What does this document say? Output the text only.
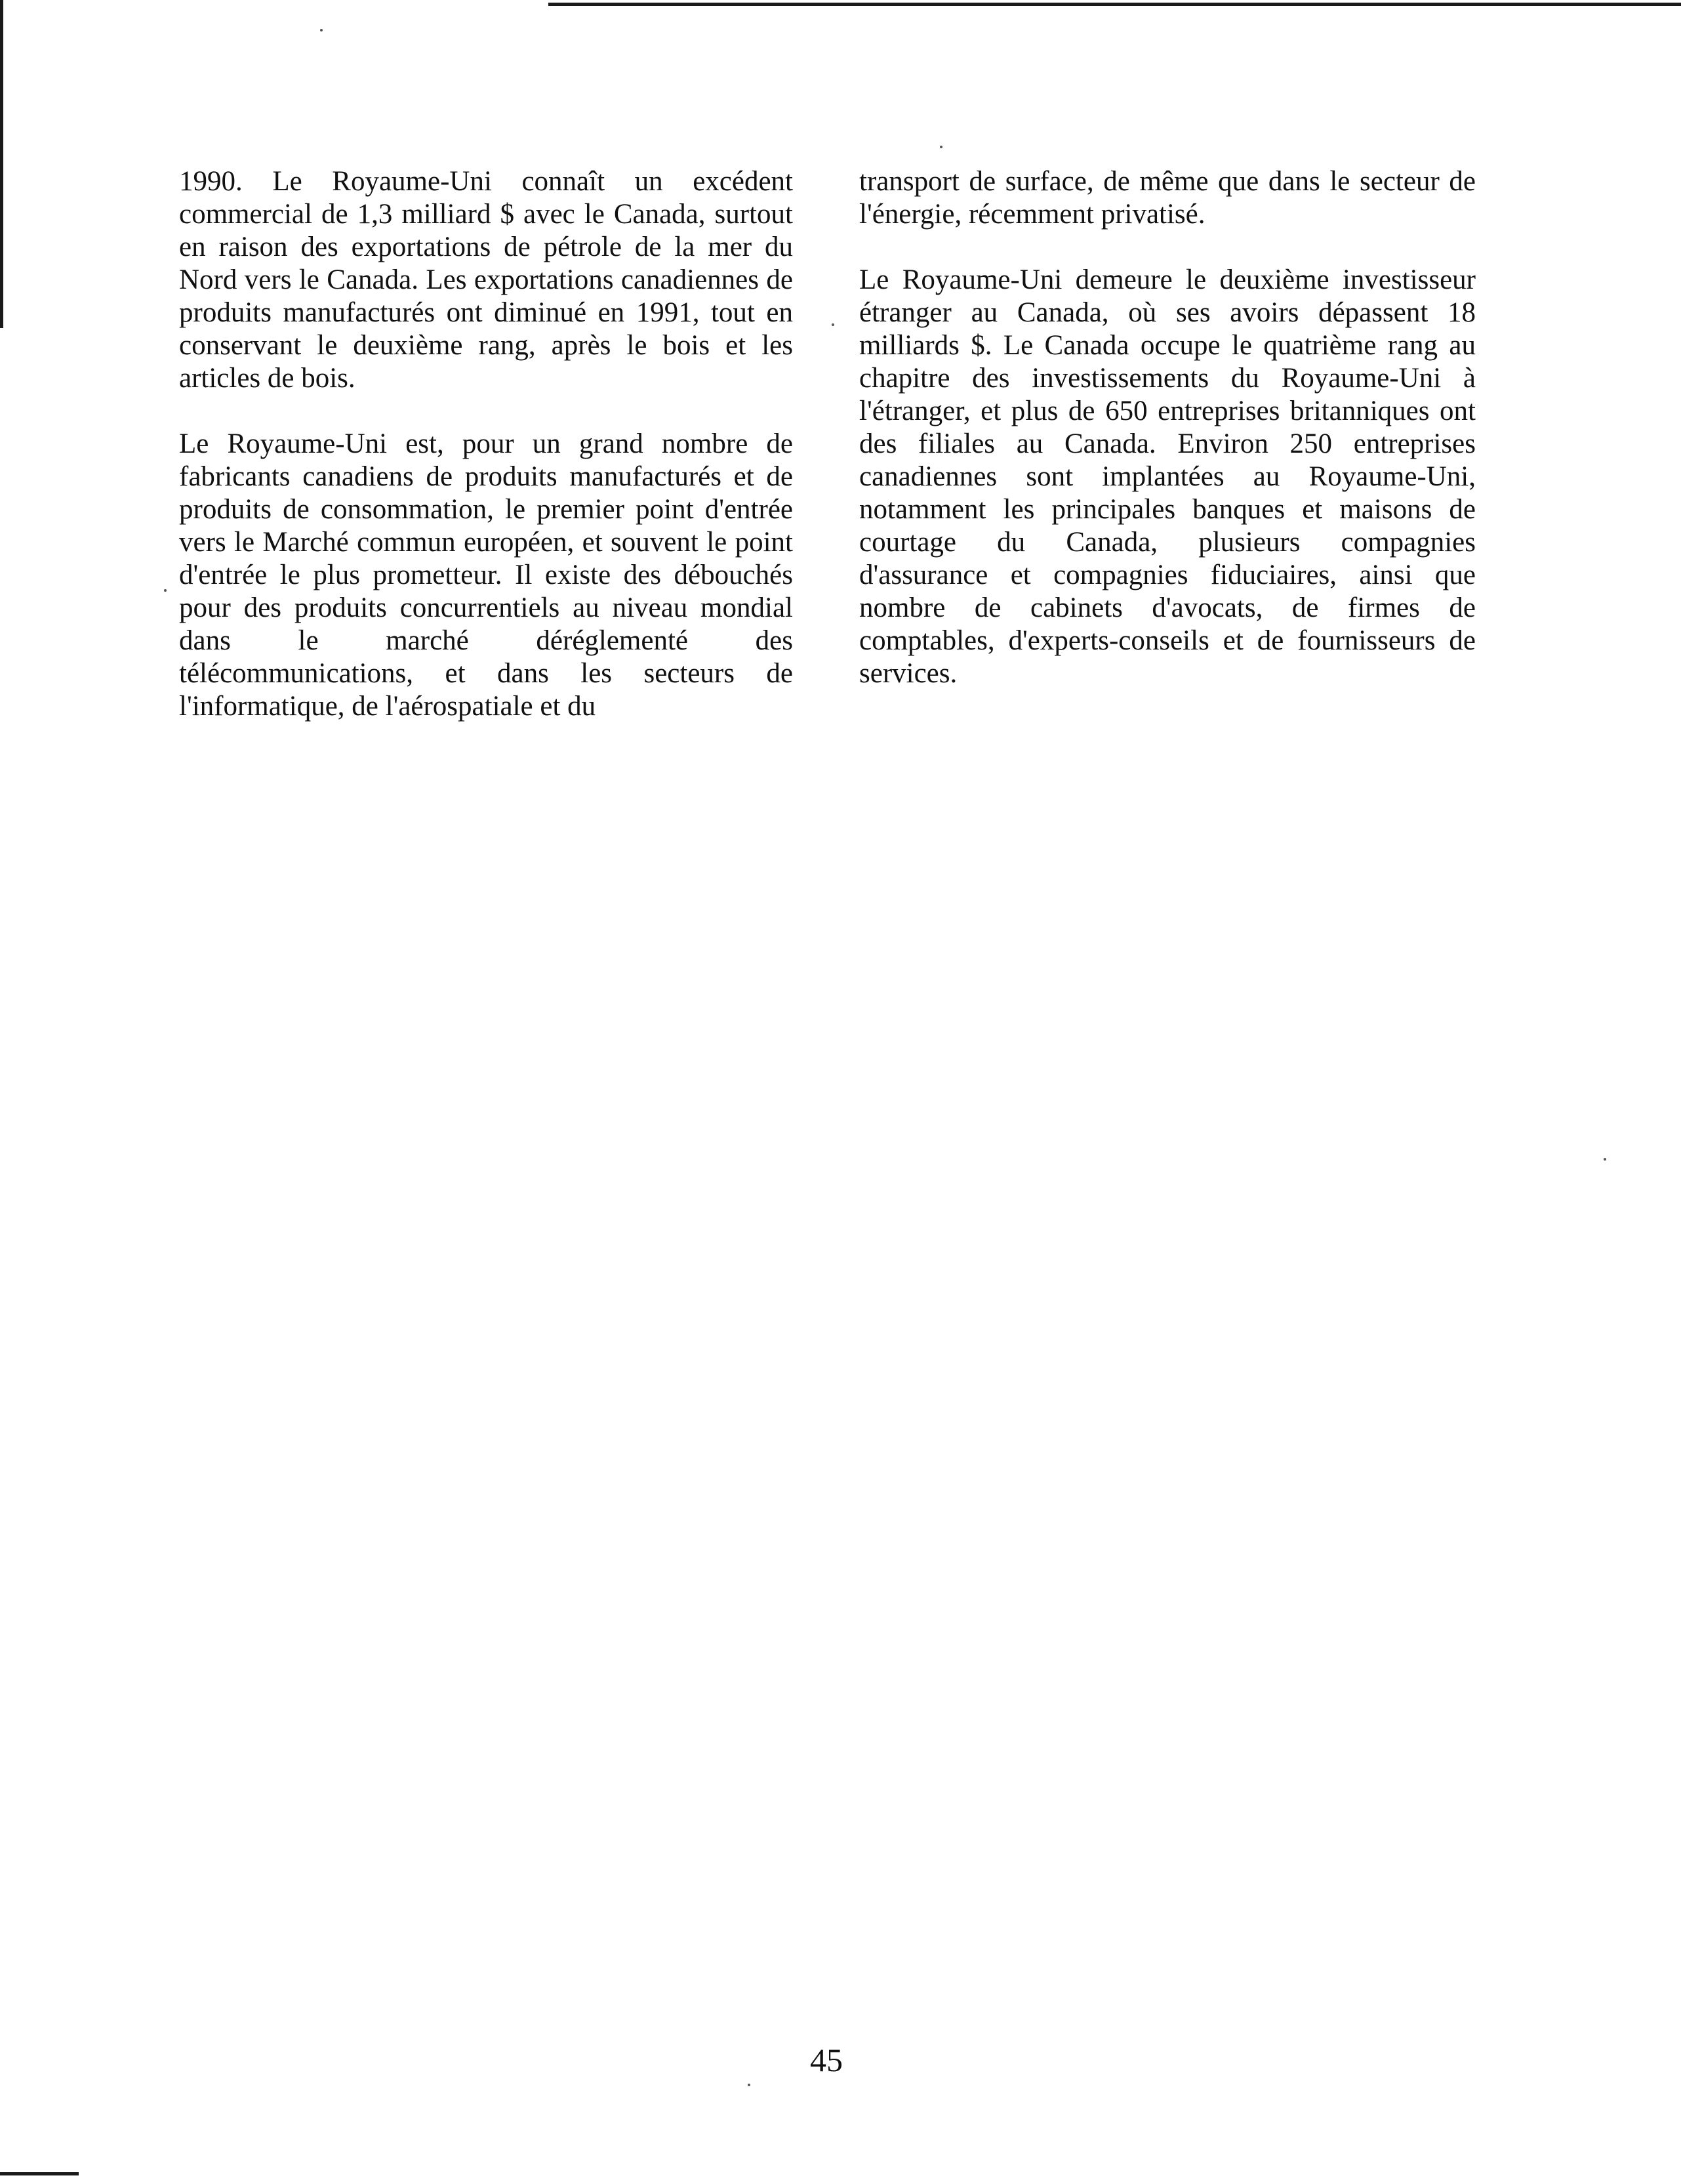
1990. Le Royaume-Uni connaît un excédent commercial de 1,3 milliard $ avec le Canada, surtout en raison des exportations de pétrole de la mer du Nord vers le Canada. Les exportations canadiennes de produits manufacturés ont diminué en 1991, tout en conservant le deuxième rang, après le bois et les articles de bois.

Le Royaume-Uni est, pour un grand nombre de fabricants canadiens de produits manufacturés et de produits de consommation, le premier point d'entrée vers le Marché commun européen, et souvent le point d'entrée le plus prometteur. Il existe des débouchés pour des produits concurrentiels au niveau mondial dans le marché déréglementé des télécommunications, et dans les secteurs de l'informatique, de l'aérospatiale et du

transport de surface, de même que dans le secteur de l'énergie, récemment privatisé.

Le Royaume-Uni demeure le deuxième investisseur étranger au Canada, où ses avoirs dépassent 18 milliards $. Le Canada occupe le quatrième rang au chapitre des investissements du Royaume-Uni à l'étranger, et plus de 650 entreprises britanniques ont des filiales au Canada. Environ 250 entreprises canadiennes sont implantées au Royaume-Uni, notamment les principales banques et maisons de courtage du Canada, plusieurs compagnies d'assurance et compagnies fiduciaires, ainsi que nombre de cabinets d'avocats, de firmes de comptables, d'experts-conseils et de fournisseurs de services.

45
